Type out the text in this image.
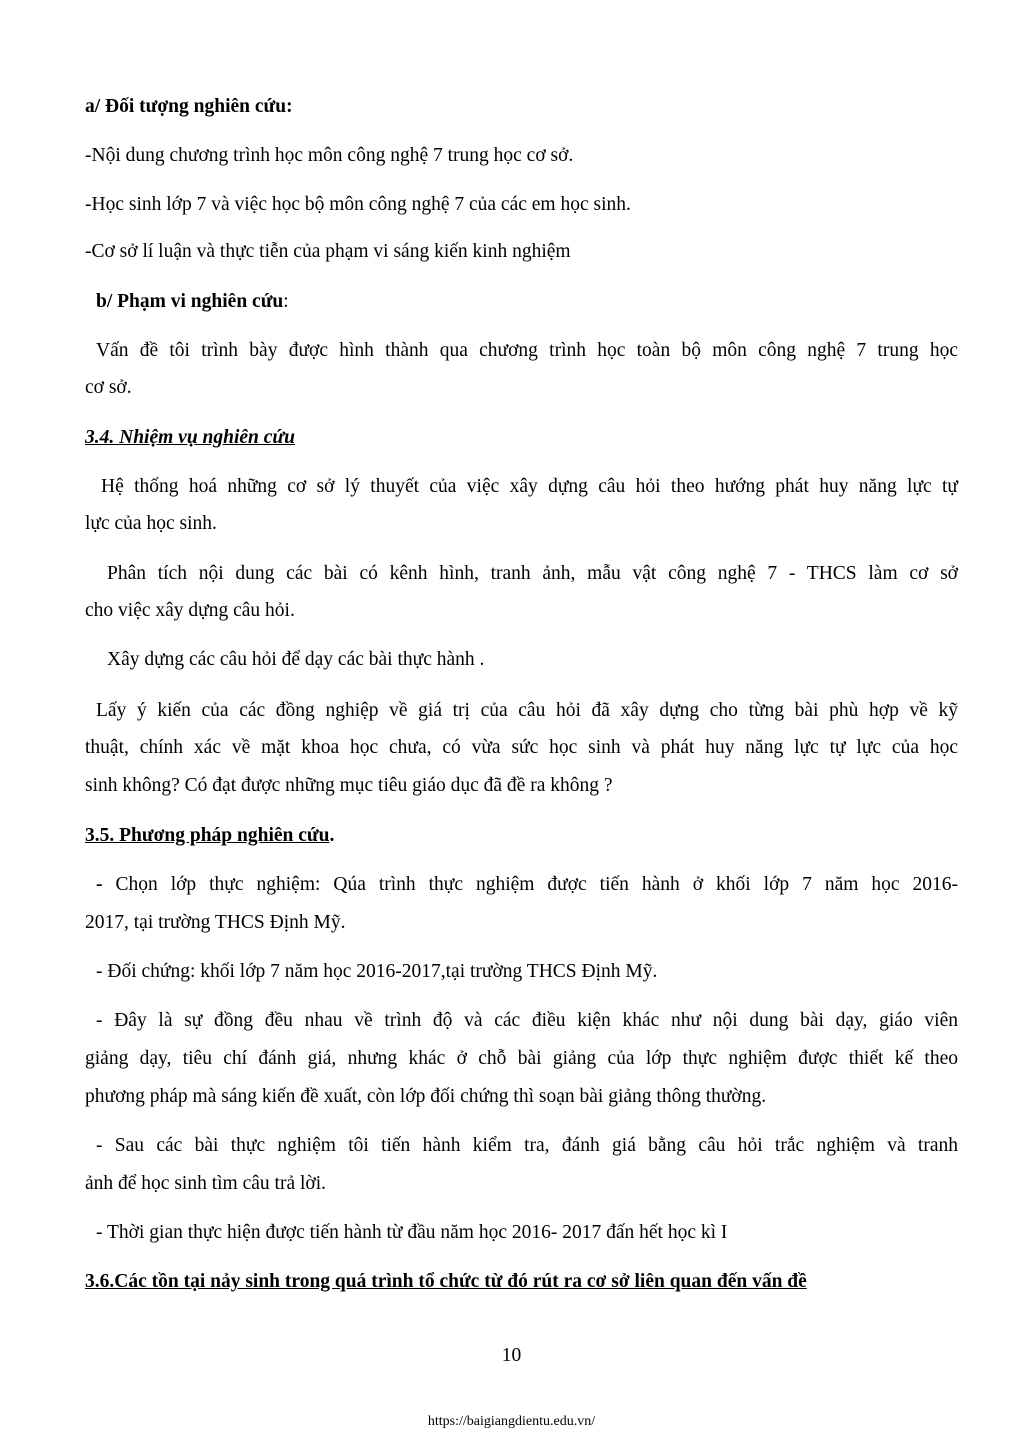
a/ Đối tượng nghiên cứu:
-Nội dung chương trình học môn công nghệ 7 trung học cơ sở.
-Học sinh lớp 7 và việc học bộ môn công nghệ 7 của các em học sinh.
-Cơ sở lí luận và thực tiễn của phạm vi sáng kiến kinh nghiệm
b/ Phạm vi nghiên cứu:
Vấn đề tôi trình bày được hình thành qua chương trình học toàn bộ môn công nghệ 7 trung học
cơ sở.
3.4. Nhiệm vụ nghiên cứu
Hệ thống hoá những cơ sở lý thuyết của việc xây dựng câu hỏi theo hướng phát huy năng lực tự
lực của học sinh.
Phân tích nội dung các bài có kênh hình, tranh ảnh, mẫu vật công nghệ 7 - THCS làm cơ sở
cho việc xây dựng câu hỏi.
Xây dựng các câu hỏi để dạy các bài thực hành .
Lấy ý kiến của các đồng nghiệp về giá trị của câu hỏi đã xây dựng cho từng bài phù hợp về kỹ
thuật, chính xác về mặt khoa học chưa, có vừa sức học sinh và phát huy năng lực tự lực của học
sinh không? Có đạt được những mục tiêu giáo dục đã đề ra không ?
3.5. Phương pháp nghiên cứu.
- Chọn lớp thực nghiệm: Qúa trình thực nghiệm được tiến hành ở khối lớp 7 năm học 2016-
2017, tại trường THCS Định Mỹ.
- Đối chứng: khối lớp 7 năm học 2016-2017,tại trường THCS Định Mỹ.
- Đây là sự đồng đều nhau về trình độ và các điều kiện khác như nội dung bài dạy, giáo viên
giảng dạy, tiêu chí đánh giá, nhưng khác ở chỗ bài giảng của lớp thực nghiệm được thiết kế theo
phương pháp mà sáng kiến đề xuất, còn lớp đối chứng thì soạn bài giảng thông thường.
- Sau các bài thực nghiệm tôi tiến hành kiểm tra, đánh giá bằng câu hỏi trắc nghiệm và tranh
ảnh để học sinh tìm câu trả lời.
- Thời gian thực hiện được tiến hành từ đầu năm học 2016- 2017 đấn hết học kì I
3.6.Các tồn tại nảy sinh trong quá trình tổ chức từ đó rút ra cơ sở liên quan đến vấn đề
10
https://baigiangdientu.edu.vn/
